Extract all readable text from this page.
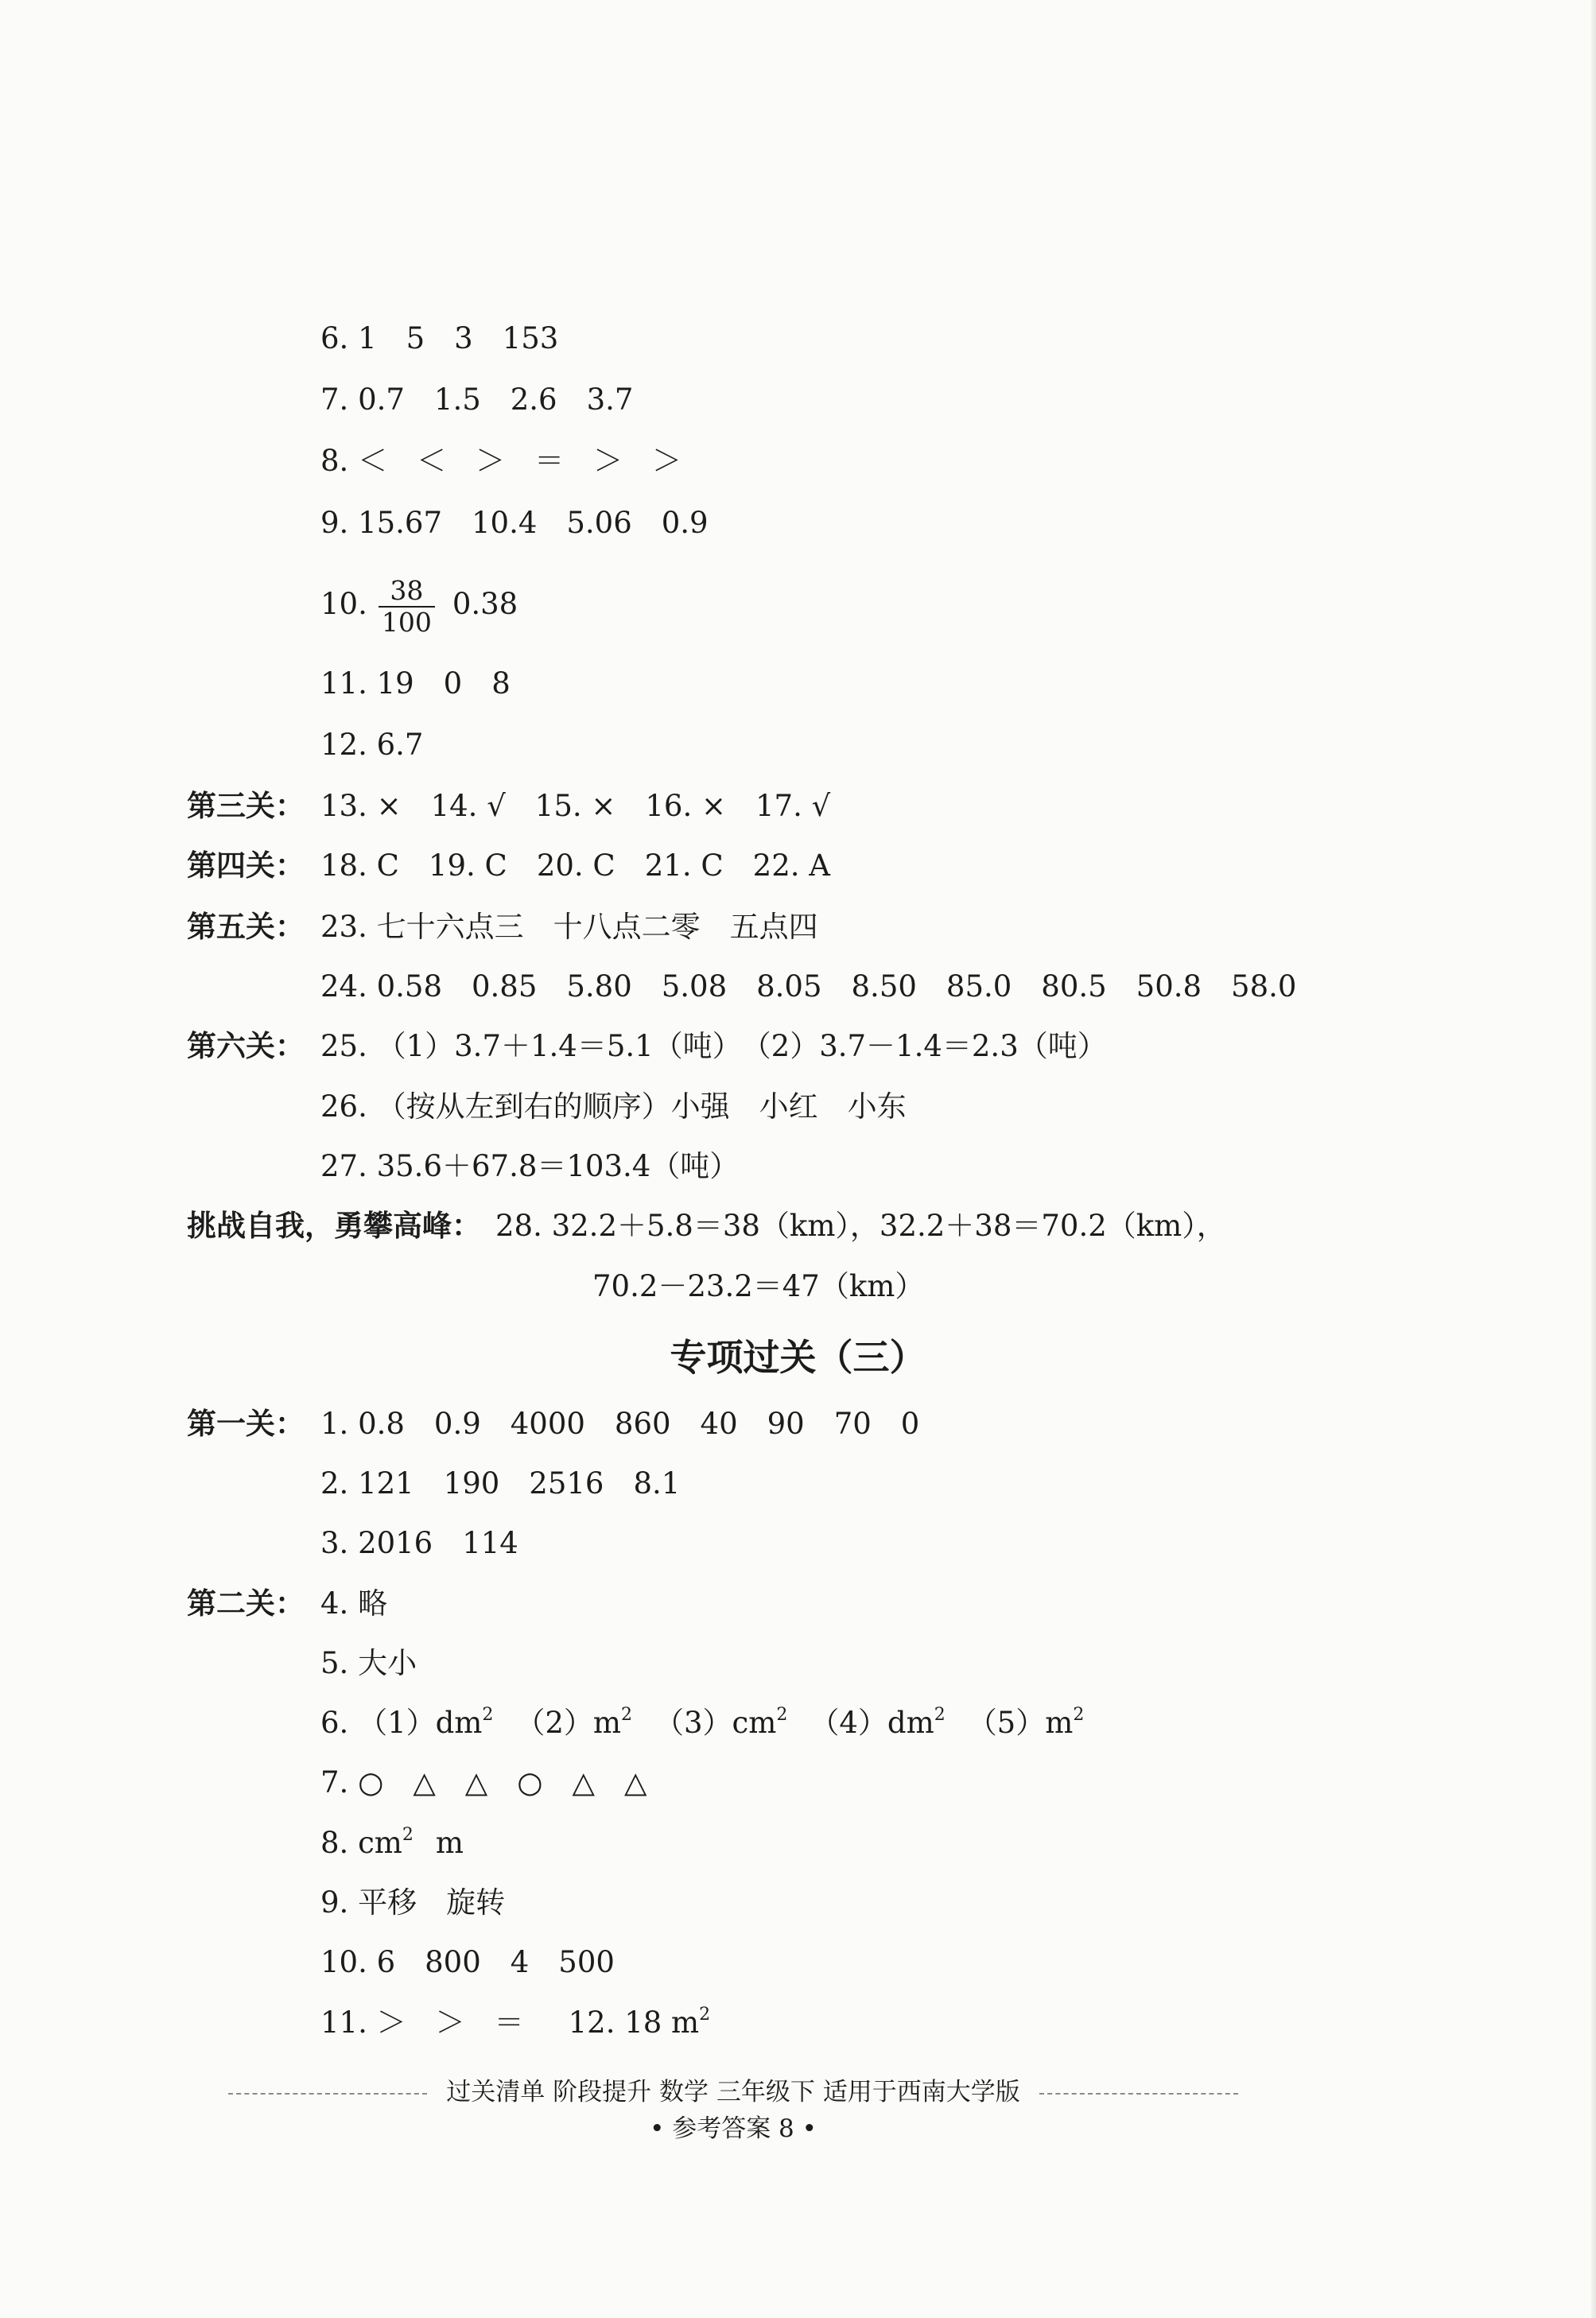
6. 1　5　3　153
7. 0.7　1.5　2.6　3.7
8. ＜　＜　＞　＝　＞　＞
9. 15.67　10.4　5.06　0.9
10. $\frac{38}{100} 0.38$
11. 19　0　8
12. 6.7
第三关： 13. ×　14. √　15. ×　16. ×　17. √
第四关： 18. C　19. C　20. C　21. C　22. A
第五关： 23. 七十六点三　十八点二零　五点四
24. 0.58　0.85　5.80　5.08　8.05　8.50　85.0　80.5　50.8　58.0
第六关： 25. （1）3.7＋1.4＝5.1（吨）　（2）3.7－1.4＝2.3（吨）
26. （按从左到右的顺序）小强　小红　小东
27. 35.6＋67.8＝103.4（吨）
挑战自我，勇攀高峰： 28. 32.2＋5.8＝38（km），32.2＋38＝70.2（km），
70.2－23.2＝47（km）
专项过关（三）
第一关： 1. 0.8　0.9　4000　860　40　90　70　0
2. 121　190　2516　8.1
3. 2016　114
第二关： 4. 略
5. 大小
6. $(1)dm^2$ $(2)m^2$ $(3)cm^2$ $(4)dm^2$ $(5)m^2$
7. ○　△　△　○　△　△
8. $cm^2$ m
9. 平移　旋转
10. 6　800　4　500
11. ＞　＞　＝ 12. 18 $m^2$
过关清单 阶段提升 数学 三年级下 适用于西南大学版
• 参考答案 8 •
